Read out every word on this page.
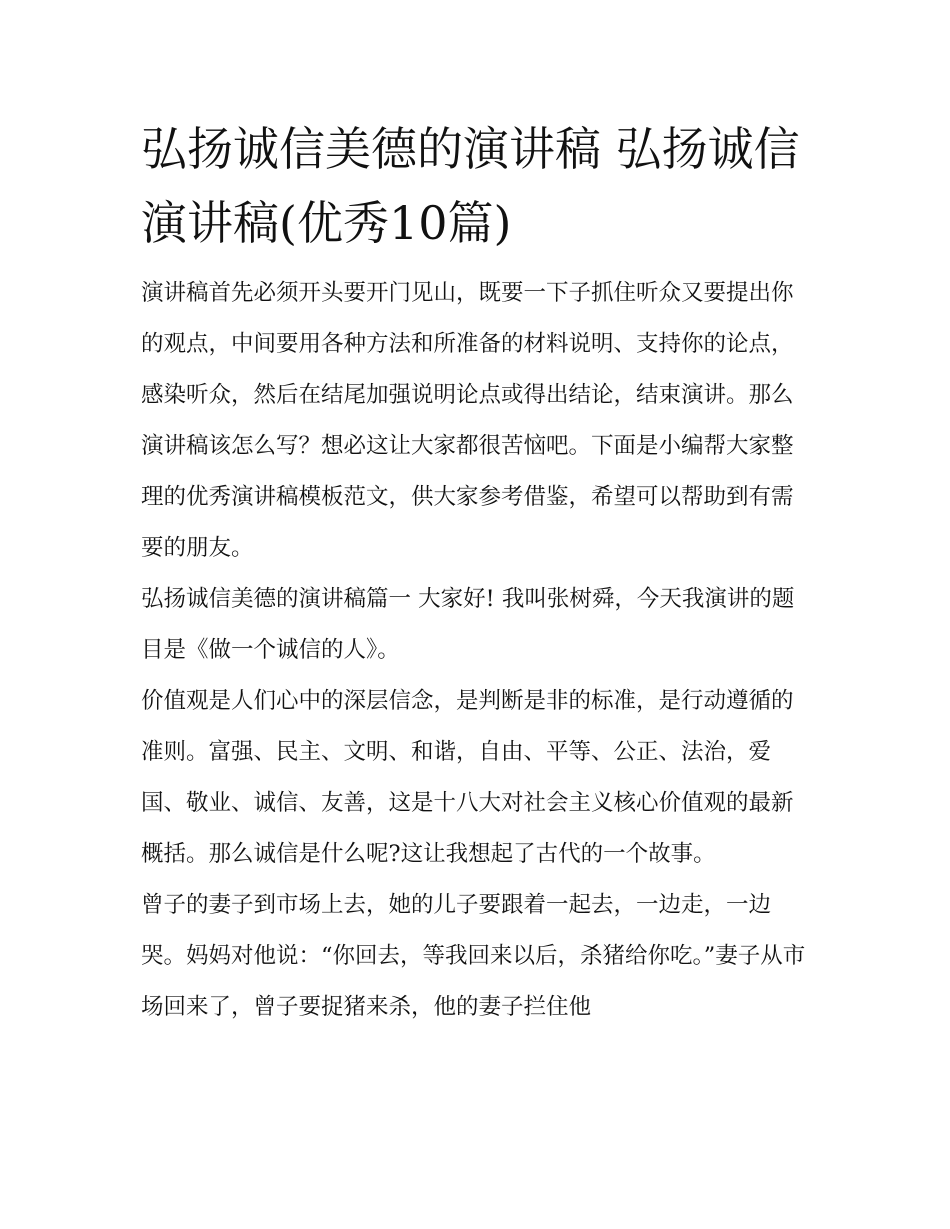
弘扬诚信美德的演讲稿 弘扬诚信演讲稿(优秀10篇)

演讲稿首先必须开头要开门见山，既要一下子抓住听众又要提出你的观点，中间要用各种方法和所准备的材料说明、支持你的论点，感染听众，然后在结尾加强说明论点或得出结论，结束演讲。那么演讲稿该怎么写？想必这让大家都很苦恼吧。下面是小编帮大家整理的优秀演讲稿模板范文，供大家参考借鉴，希望可以帮助到有需要的朋友。

弘扬诚信美德的演讲稿篇一 大家好! 我叫张树舜，今天我演讲的题目是《做一个诚信的人》。

价值观是人们心中的深层信念，是判断是非的标准，是行动遵循的准则。富强、民主、文明、和谐，自由、平等、公正、法治，爱国、敬业、诚信、友善，这是十八大对社会主义核心价值观的最新概括。那么诚信是什么呢?这让我想起了古代的一个故事。

曾子的妻子到市场上去，她的儿子要跟着一起去，一边走，一边哭。妈妈对他说：“你回去，等我回来以后，杀猪给你吃。”妻子从市场回来了，曾子要捉猪来杀，他的妻子拦住他
